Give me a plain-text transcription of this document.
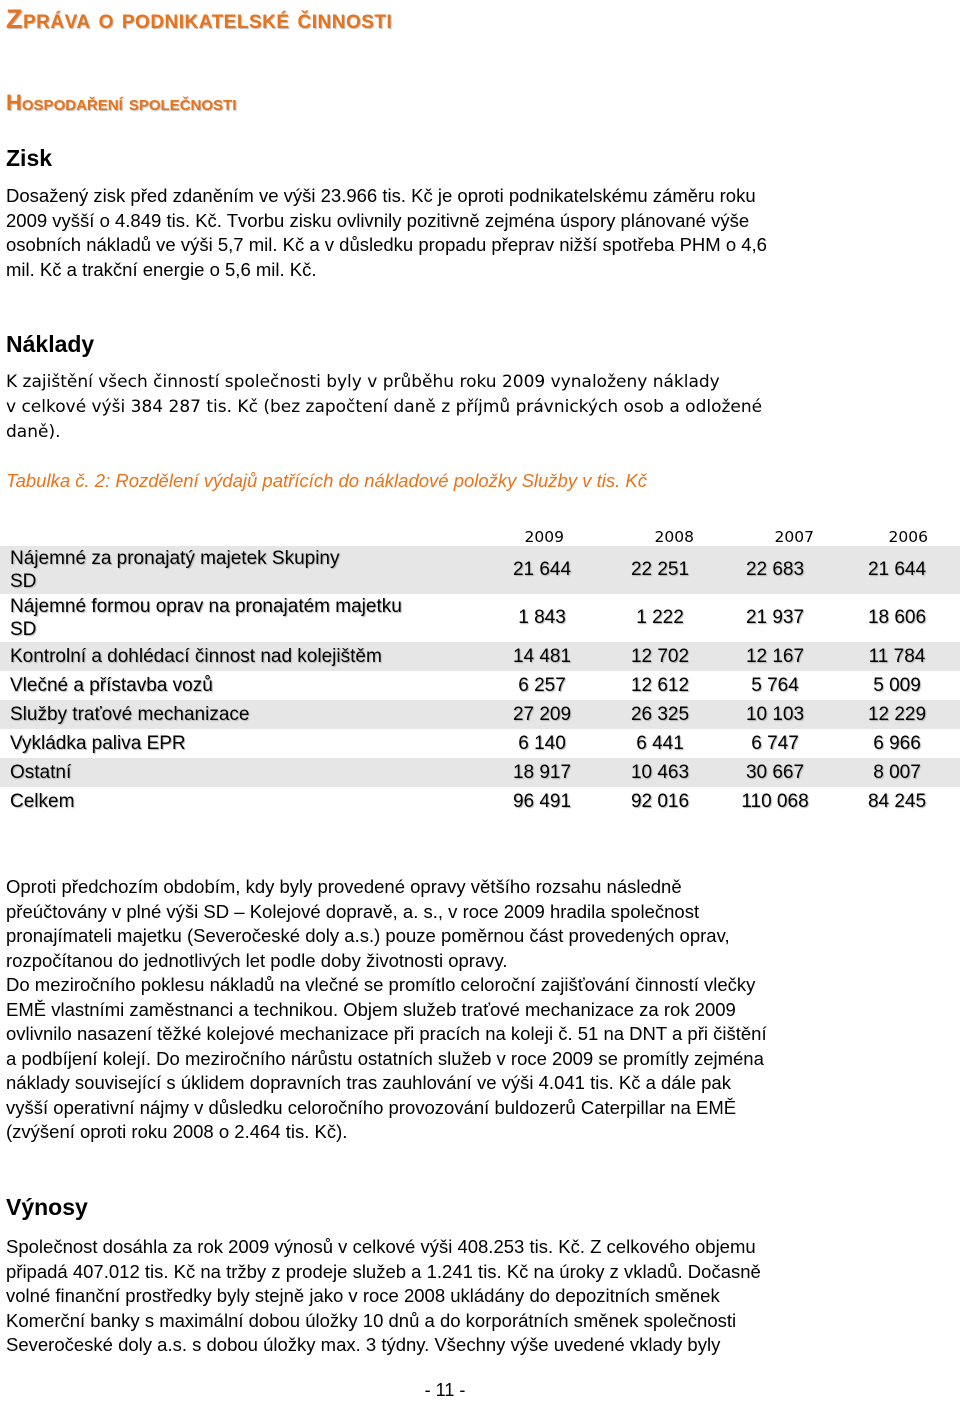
Zpráva o podnikatelské činnosti
Hospodaření společnosti
Zisk
Dosažený zisk před zdaněním ve výši 23.966 tis. Kč je oproti podnikatelskému záměru roku
2009 vyšší o 4.849 tis. Kč. Tvorbu zisku ovlivnily pozitivně zejména úspory plánované výše
osobních nákladů ve výši 5,7 mil. Kč a v důsledku propadu přeprav nižší spotřeba PHM o 4,6
mil. Kč a trakční energie o 5,6 mil. Kč.
Náklady
K zajištění všech činností společnosti byly v průběhu roku 2009 vynaloženy náklady
v celkové výši 384 287 tis. Kč (bez započtení daně z příjmů právnických osob a odložené
daně).

Tabulka č. 2: Rozdělení výdajů patřících do nákladové položky Služby v tis. Kč

	2009	2008	2007	2006

Nájemné za pronajatý majetek Skupiny
SD	21 644	22 251	22 683	21 644

Nájemné formou oprav na pronajatém majetku
SD	1 843	1 222	21 937	18 606
Kontrolní a dohlédací činnost nad kolejištěm	14 481	12 702	12 167	11 784
Vlečné a přístavba vozů	6 257	12 612	5 764	5 009
Služby traťové mechanizace	27 209	26 325	10 103	12 229
Vykládka paliva EPR	6 140	6 441	6 747	6 966
Ostatní	18 917	10 463	30 667	8 007
Celkem	96 491	92 016	110 068	84 245
Oproti předchozím obdobím, kdy byly provedené opravy většího rozsahu následně
přeúčtovány v plné výši SD – Kolejové dopravě, a. s., v roce 2009 hradila společnost
pronajímateli majetku (Severočeské doly a.s.) pouze poměrnou část provedených oprav,
rozpočítanou do jednotlivých let podle doby životnosti opravy.
Do meziročního poklesu nákladů na vlečné se promítlo celoroční zajišťování činností vlečky
EMĚ vlastními zaměstnanci a technikou. Objem služeb traťové mechanizace za rok 2009
ovlivnilo nasazení těžké kolejové mechanizace při pracích na koleji č. 51 na DNT a při čištění
a podbíjení kolejí. Do meziročního nárůstu ostatních služeb v roce 2009 se promítly zejména
náklady související s úklidem dopravních tras zauhlování ve výši 4.041 tis. Kč a dále pak
vyšší operativní nájmy v důsledku celoročního provozování buldozerů Caterpillar na EMĚ
(zvýšení oproti roku 2008 o 2.464 tis. Kč).
Výnosy
Společnost dosáhla za rok 2009 výnosů v celkové výši 408.253 tis. Kč. Z celkového objemu
připadá 407.012 tis. Kč na tržby z prodeje služeb a 1.241 tis. Kč na úroky z vkladů. Dočasně
volné finanční prostředky byly stejně jako v roce 2008 ukládány do depozitních směnek
Komerční banky s maximální dobou úložky 10 dnů a do korporátních směnek společnosti
Severočeské doly a.s. s dobou úložky max. 3 týdny. Všechny výše uvedené vklady byly
- 11 -
